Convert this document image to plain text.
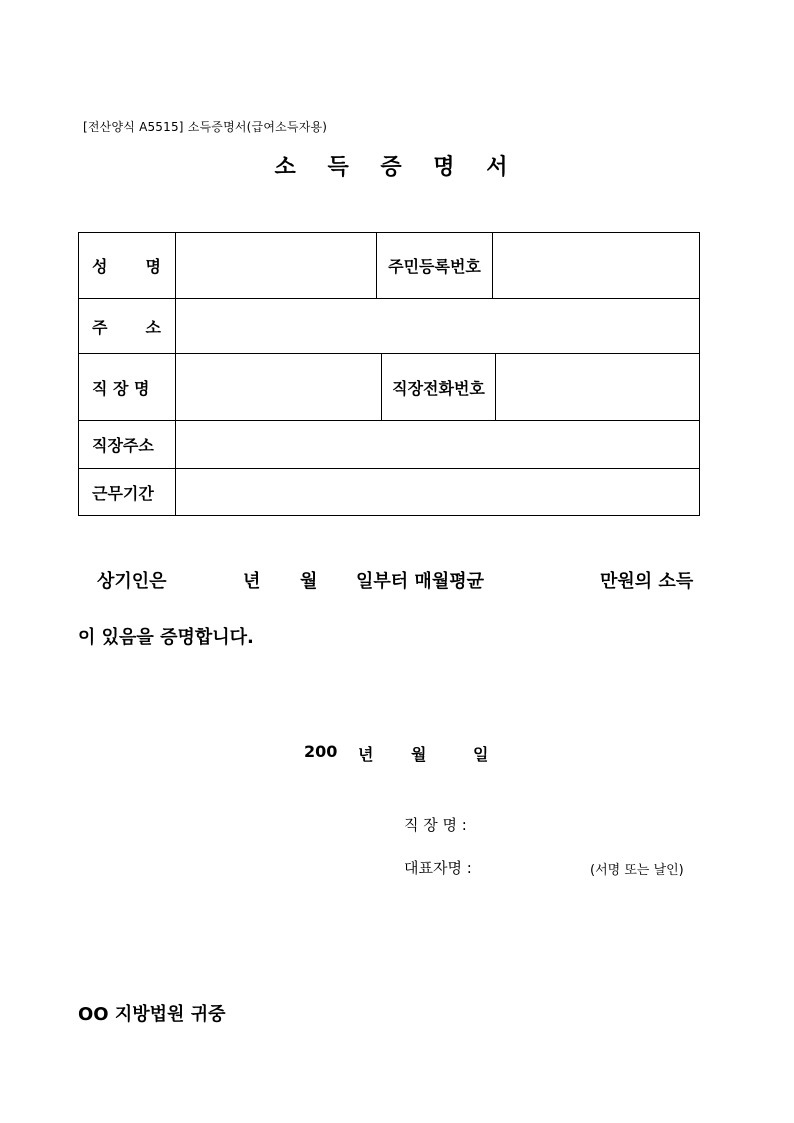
[전산양식 A5515] 소득증명서(급여소득자용)
소 득 증 명 서
성 명	주민등록번호
주 소
직 장 명	직장전화번호
직장주소
근무기간
상기인은	년 월 일부터 매월평균	만원의 소득
이 있음을 증명합니다.
200 년 월	일
직 장 명 :
대표자명 :	(서명 또는 날인)
OO 지방법원 귀중
